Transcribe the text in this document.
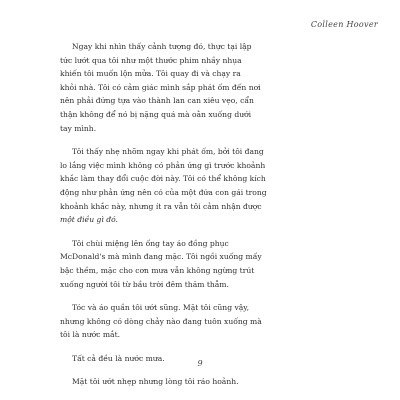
Colleen Hoover

Ngay khi nhìn thấy cảnh tượng đó, thực tại lập
tức lướt qua tôi như một thước phim nhầy nhụa
khiến tôi muốn lộn mửa. Tôi quay đi và chạy ra
khỏi nhà. Tôi có cảm giác mình sắp phát ốm đến nơi
nên phải đứng tựa vào thành lan can xiêu vẹo, cẩn
thận không để nó bị nặng quá mà oằn xuống dưới
tay mình.

Tôi thấy nhẹ nhõm ngay khi phát ốm, bởi tôi đang
lo lắng việc mình không có phản ứng gì trước khoảnh
khắc làm thay đổi cuộc đời này. Tôi có thể không kích
động như phản ứng nên có của một đứa con gái trong
khoảnh khắc này, nhưng ít ra vẫn tôi cảm nhận được
một điều gì đó.

Tôi chùi miệng lên ống tay áo đồng phục
McDonald's mà mình đang mặc. Tôi ngồi xuống mấy
bậc thềm, mặc cho cơn mưa vẫn không ngừng trút
xuống người tôi từ bầu trời đêm thăm thẳm.

Tóc và áo quần tôi ướt sũng. Mặt tôi cũng vậy,
nhưng không có dòng chảy nào đang tuôn xuống mà
tôi là nước mắt.

Tất cả đều là nước mưa.

Mặt tôi ướt nhẹp nhưng lòng tôi ráo hoảnh.

9
